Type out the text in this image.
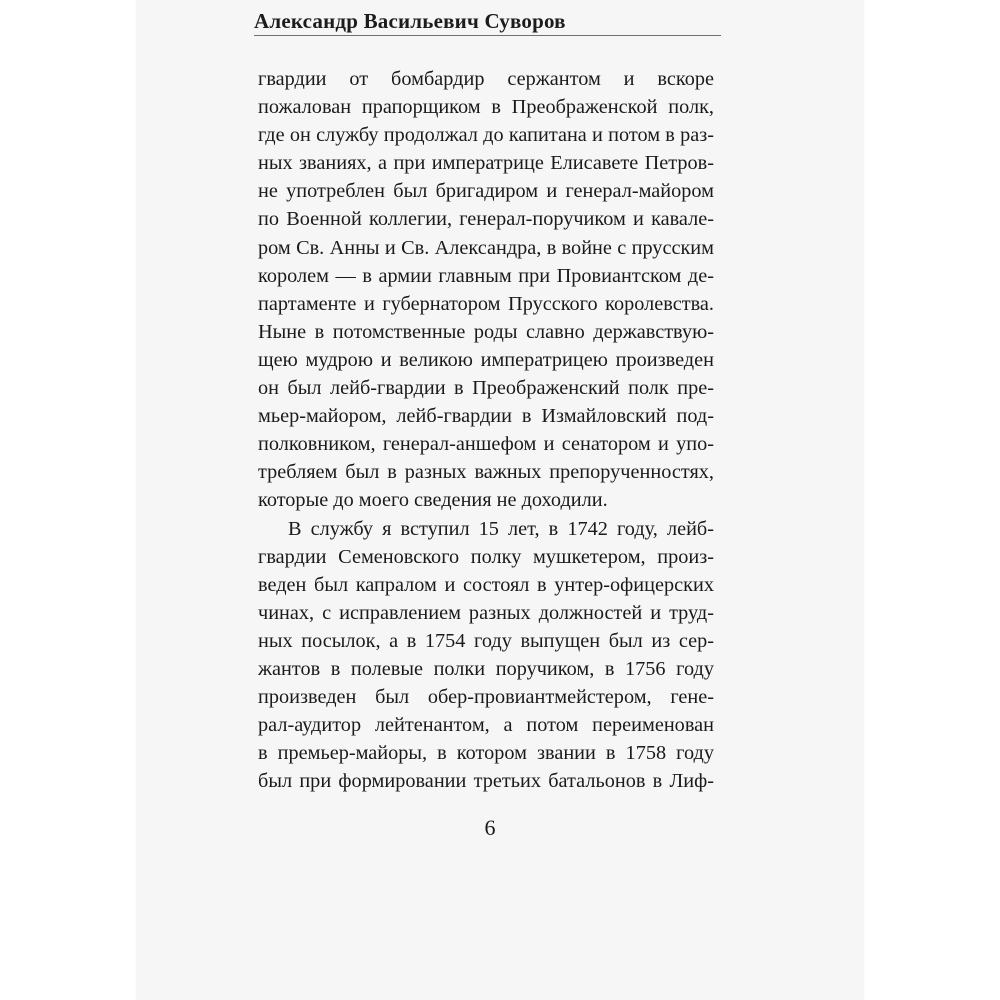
Александр Васильевич Суворов
гвардии от бомбардир сержантом и вскоре
пожалован прапорщиком в Преображенской полк,
где он службу продолжал до капитана и потом в раз-
ных званиях, а при императрице Елисавете Петров-
не употреблен был бригадиром и генерал-майором
по Военной коллегии, генерал-поручиком и кавале-
ром Св. Анны и Св. Александра, в войне с прусским
королем — в армии главным при Провиантском де-
партаменте и губернатором Прусского королевства.
Ныне в потомственные роды славно державствую-
щею мудрою и великою императрицею произведен
он был лейб-гвардии в Преображенский полк пре-
мьер-майором, лейб-гвардии в Измайловский под-
полковником, генерал-аншефом и сенатором и упо-
требляем был в разных важных препорученностях,
которые до моего сведения не доходили.
В службу я вступил 15 лет, в 1742 году, лейб-
гвардии Семеновского полку мушкетером, произ-
веден был капралом и состоял в унтер-офицерских
чинах, с исправлением разных должностей и труд-
ных посылок, а в 1754 году выпущен был из сер-
жантов в полевые полки поручиком, в 1756 году
произведен был обер-провиантмейстером, гене-
рал-аудитор лейтенантом, а потом переименован
в премьер-майоры, в котором звании в 1758 году
был при формировании третьих батальонов в Лиф-
6
